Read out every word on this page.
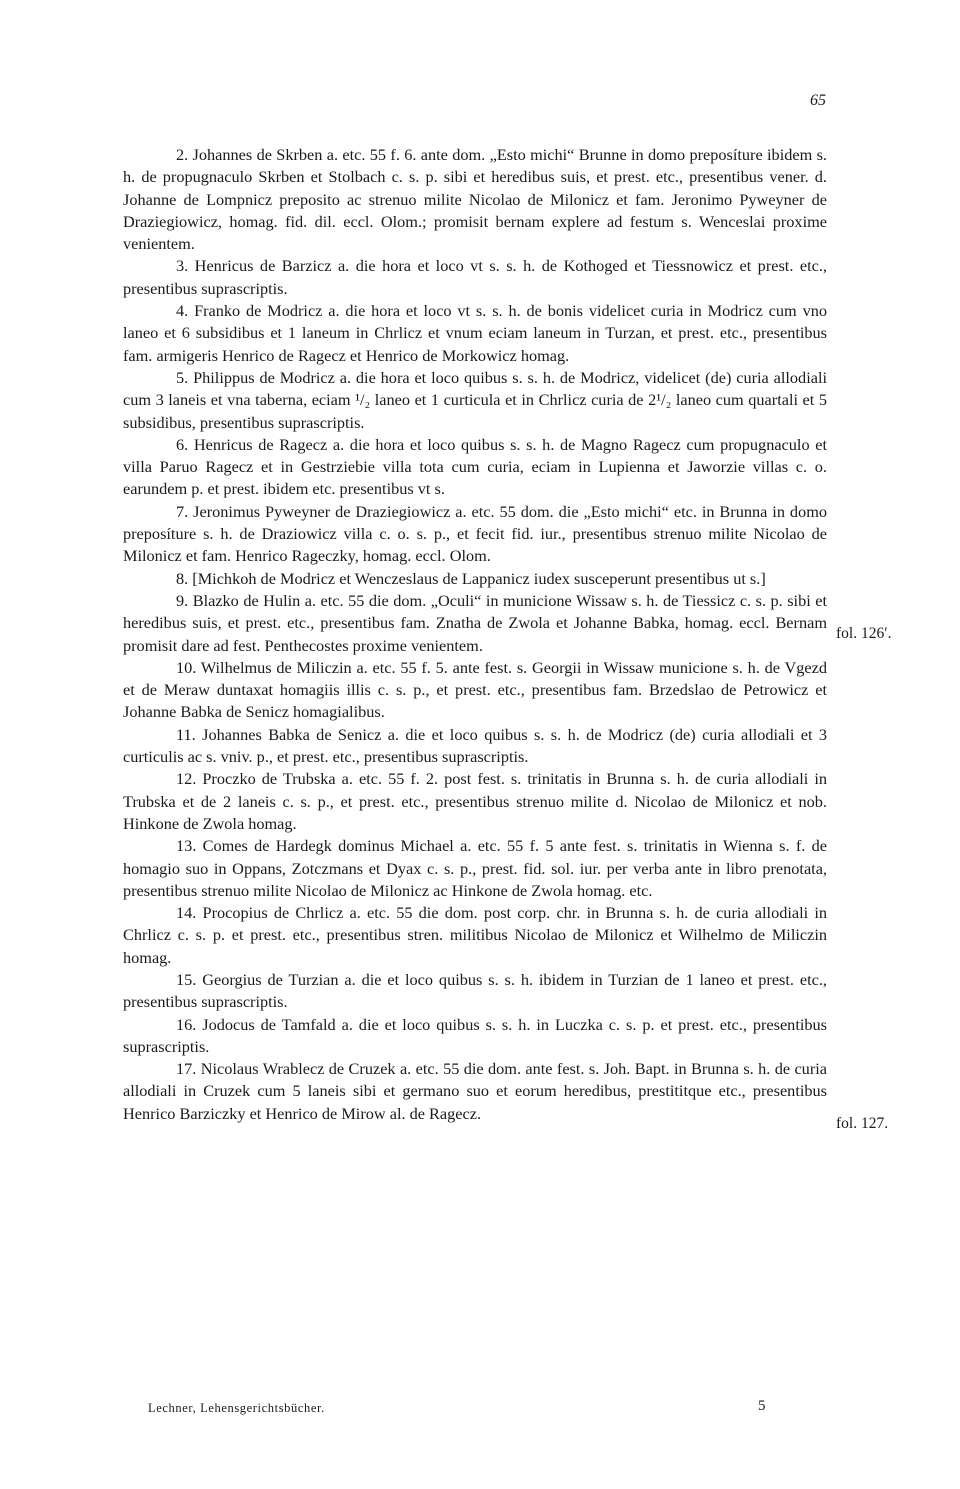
65

2. Johannes de Skrben a. etc. 55 f. 6. ante dom. „Esto michi“ Brunne in domo preposíture ibidem s. h. de propugnaculo Skrben et Stolbach c. s. p. sibi et heredibus suis, et prest. etc., presentibus vener. d. Johanne de Lompnicz preposito ac strenuo milite Nicolao de Milonicz et fam. Jeronimo Pyweyner de Draziegiowicz, homag. fid. dil. eccl. Olom.; promisit bernam explere ad festum s. Wenceslai proxime venientem.

3. Henricus de Barzicz a. die hora et loco vt s. s. h. de Kothoged et Tiessnowicz et prest. etc., presentibus suprascriptis.

4. Franko de Modricz a. die hora et loco vt s. s. h. de bonis videlicet curia in Modricz cum vno laneo et 6 subsidibus et 1 laneum in Chrlicz et vnum eciam laneum in Turzan, et prest. etc., presentibus fam. armigeris Henrico de Ragecz et Henrico de Morkowicz homag.

5. Philippus de Modricz a. die hora et loco quibus s. s. h. de Modricz, videlicet (de) curia allodiali cum 3 laneis et vna taberna, eciam ¹/₂ laneo et 1 curticula et in Chrlicz curia de 2¹/₂ laneo cum quartali et 5 subsidibus, presentibus suprascriptis.

6. Henricus de Ragecz a. die hora et loco quibus s. s. h. de Magno Ragecz cum propugnaculo et villa Paruo Ragecz et in Gestrziebie villa tota cum curia, eciam in Lupienna et Jaworzie villas c. o. earundem p. et prest. ibidem etc. presentibus vt s.

7. Jeronimus Pyweyner de Draziegiowicz a. etc. 55 dom. die „Esto michi“ etc. in Brunna in domo preposíture s. h. de Draziowicz villa c. o. s. p., et fecit fid. iur., presentibus strenuo milite Nicolao de Milonicz et fam. Henrico Rageczky, homag. eccl. Olom.

8. [Michkoh de Modricz et Wenczeslaus de Lappanicz iudex susceperunt presentibus ut s.]

9. Blazko de Hulin a. etc. 55 die dom. „Oculi“ in municione Wissaw s. h. de Tiessicz c. s. p. sibi et heredibus suis, et prest. etc., presentibus fam. Znatha de Zwola et Johanne Babka, homag. eccl. Bernam promisit dare ad fest. Penthecostes proxime venientem.

10. Wilhelmus de Miliczin a. etc. 55 f. 5. ante fest. s. Georgii in Wissaw municione s. h. de Vgezd et de Meraw duntaxat homagiis illis c. s. p., et prest. etc., presentibus fam. Brzedslao de Petrowicz et Johanne Babka de Senicz homagialibus.

11. Johannes Babka de Senicz a. die et loco quibus s. s. h. de Modricz (de) curia allodiali et 3 curticulis ac s. vniv. p., et prest. etc., presentibus suprascriptis.

12. Proczko de Trubska a. etc. 55 f. 2. post fest. s. trinitatis in Brunna s. h. de curia allodiali in Trubska et de 2 laneis c. s. p., et prest. etc., presentibus strenuo milite d. Nicolao de Milonicz et nob. Hinkone de Zwola homag.

13. Comes de Hardegk dominus Michael a. etc. 55 f. 5 ante fest. s. trinitatis in Wienna s. f. de homagio suo in Oppans, Zotczmans et Dyax c. s. p., prest. fid. sol. iur. per verba ante in libro prenotata, presentibus strenuo milite Nicolao de Milonicz ac Hinkone de Zwola homag. etc.

14. Procopius de Chrlicz a. etc. 55 die dom. post corp. chr. in Brunna s. h. de curia allodiali in Chrlicz c. s. p. et prest. etc., presentibus stren. militibus Nicolao de Milonicz et Wilhelmo de Miliczin homag.

15. Georgius de Turzian a. die et loco quibus s. s. h. ibidem in Turzian de 1 laneo et prest. etc., presentibus suprascriptis.

16. Jodocus de Tamfald a. die et loco quibus s. s. h. in Luczka c. s. p. et prest. etc., presentibus suprascriptis.

17. Nicolaus Wrablecz de Cruzek a. etc. 55 die dom. ante fest. s. Joh. Bapt. in Brunna s. h. de curia allodiali in Cruzek cum 5 laneis sibi et germano suo et eorum heredibus, prestititque etc., presentibus Henrico Barziczky et Henrico de Mirow al. de Ragecz.

fol. 126′.
fol. 127.
Lechner, Lehensgerichtsbücher.	5
